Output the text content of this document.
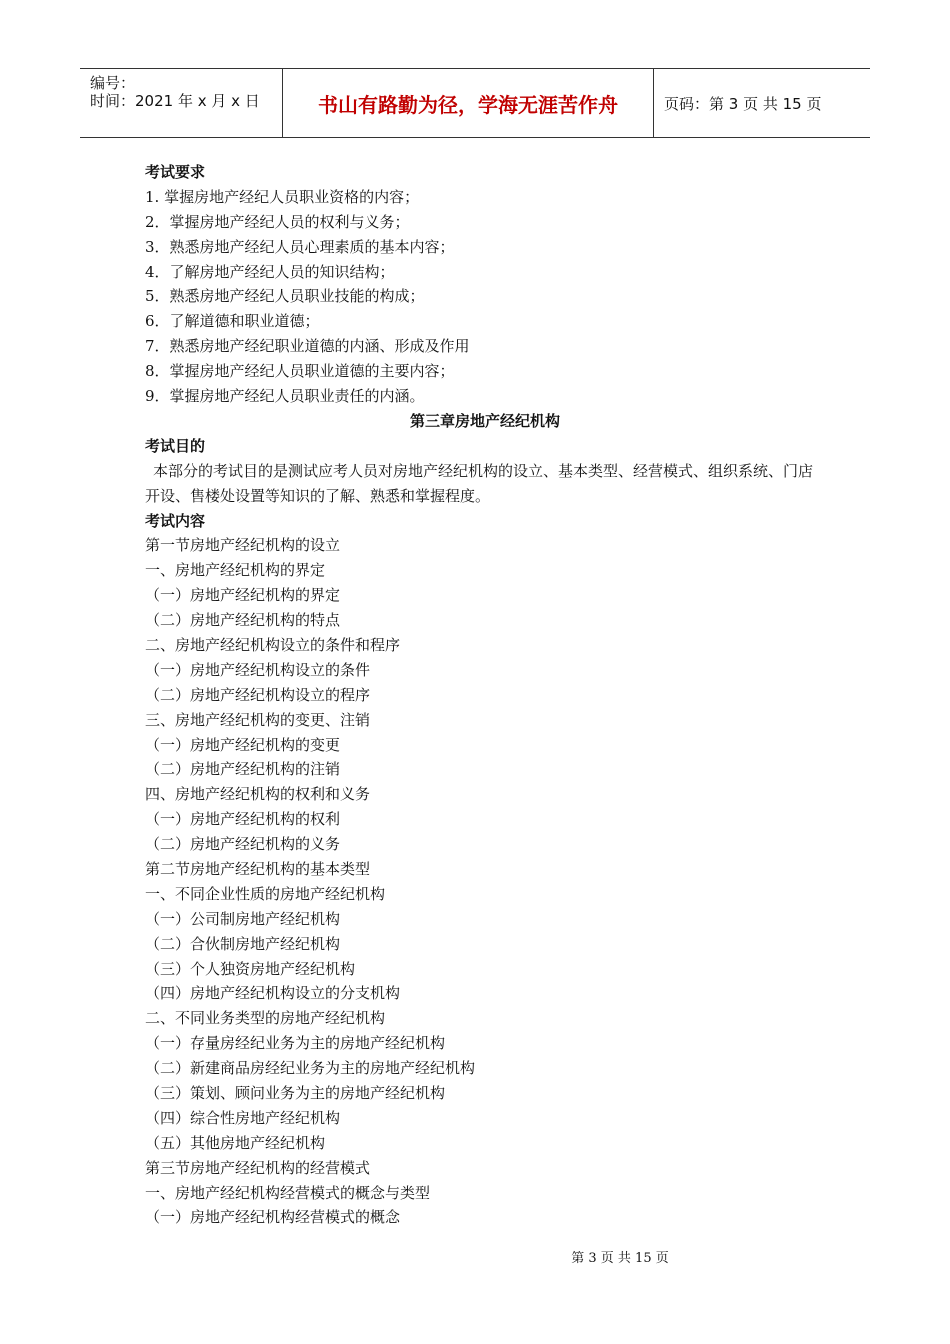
编号：
时间：2021 年 x 月 x 日	书山有路勤为径，学海无涯苦作舟	页码：第 3 页 共 15 页
考试要求
1. 掌握房地产经纪人员职业资格的内容；
2．掌握房地产经纪人员的权利与义务；
3．熟悉房地产经纪人员心理素质的基本内容；
4．了解房地产经纪人员的知识结构；
5．熟悉房地产经纪人员职业技能的构成；
6．了解道德和职业道德；
7．熟悉房地产经纪职业道德的内涵、形成及作用
8．掌握房地产经纪人员职业道德的主要内容；
9．掌握房地产经纪人员职业责任的内涵。
第三章房地产经纪机构
考试目的
本部分的考试目的是测试应考人员对房地产经纪机构的设立、基本类型、经营模式、组织系统、门店开设、售楼处设置等知识的了解、熟悉和掌握程度。
考试内容
第一节房地产经纪机构的设立
一、房地产经纪机构的界定
（一）房地产经纪机构的界定
（二）房地产经纪机构的特点
二、房地产经纪机构设立的条件和程序
（一）房地产经纪机构设立的条件
（二）房地产经纪机构设立的程序
三、房地产经纪机构的变更、注销
（一）房地产经纪机构的变更
（二）房地产经纪机构的注销
四、房地产经纪机构的权利和义务
（一）房地产经纪机构的权利
（二）房地产经纪机构的义务
第二节房地产经纪机构的基本类型
一、不同企业性质的房地产经纪机构
（一）公司制房地产经纪机构
（二）合伙制房地产经纪机构
（三）个人独资房地产经纪机构
（四）房地产经纪机构设立的分支机构
二、不同业务类型的房地产经纪机构
（一）存量房经纪业务为主的房地产经纪机构
（二）新建商品房经纪业务为主的房地产经纪机构
（三）策划、顾问业务为主的房地产经纪机构
（四）综合性房地产经纪机构
（五）其他房地产经纪机构
第三节房地产经纪机构的经营模式
一、房地产经纪机构经营模式的概念与类型
（一）房地产经纪机构经营模式的概念
第 3 页 共 15 页
